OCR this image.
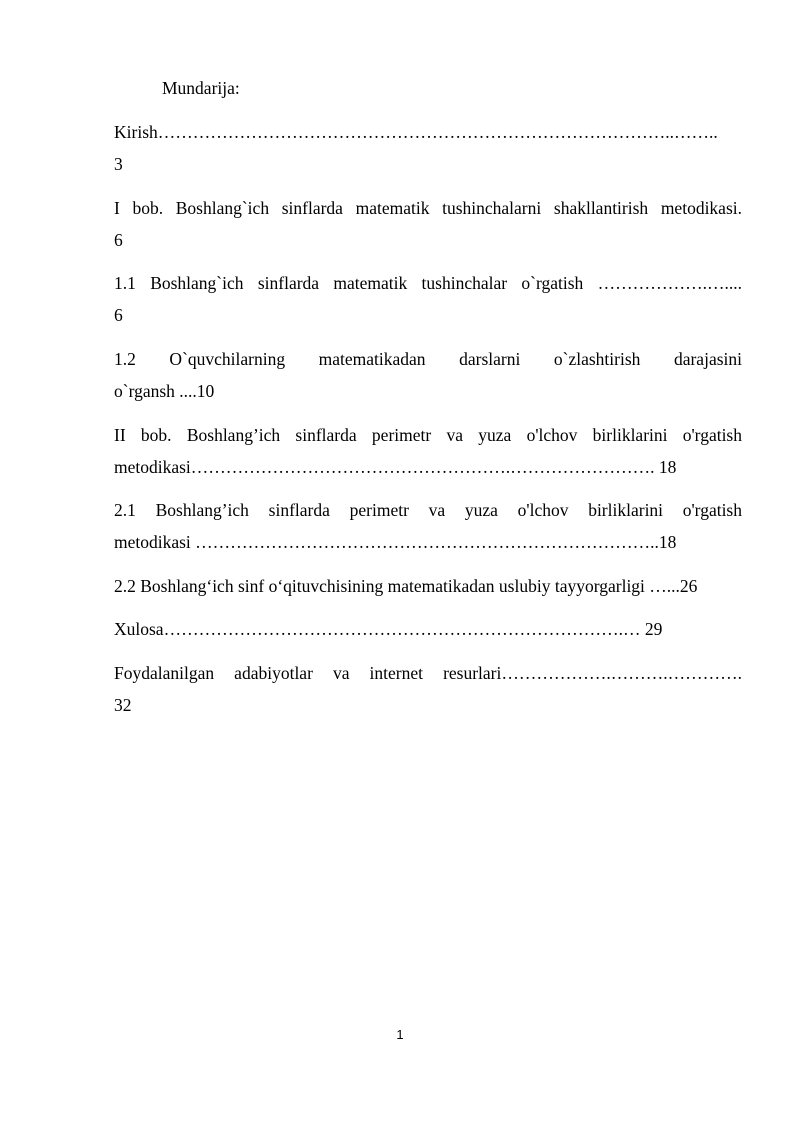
Mundarija:
Kirish……………………………………………………………………………..……..
3
I bob. Boshlang`ich sinflarda matematik tushinchalarni shakllantirish metodikasi.
6
1.1 Boshlang`ich sinflarda matematik tushinchalar o`rgatish ……………….…....
6
1.2 O`quvchilarning matematikadan darslarni o`zlashtirish darajasini
o`rgansh ....10
II bob. Boshlang’ich sinflarda perimetr va yuza o'lchov birliklarini o'rgatish
metodikasi……………………………………………….……………………. 18
2.1 Boshlang’ich sinflarda perimetr va yuza o'lchov birliklarini o'rgatish
metodikasi ……………………………………………………………………..18
2.2 Boshlang‘ich sinf o‘qituvchisining matematikadan uslubiy tayyorgarligi …...26
Xulosa…………………………………………………………………….… 29
Foydalanilgan adabiyotlar va internet resurlari……………….……….………….
32
1
